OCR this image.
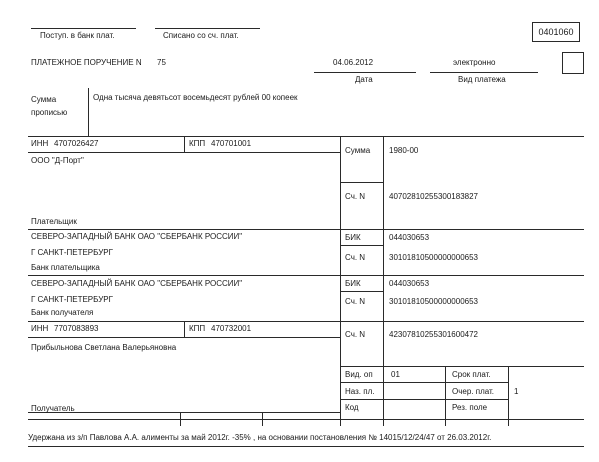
Поступ. в банк плат.	Списано со сч. плат.	0401060
ПЛАТЕЖНОЕ ПОРУЧЕНИЕ N 75	04.06.2012
Дата
электронно
Вид платежа
Сумма
прописью
Одна тысяча девятьсот восемьдесят рублей 00 копеек
ИНН 4707026427	КПП 470701001
ООО "Д-Порт"
Плательщик
Сумма 1980-00
Сч. N	40702810255300183827
СЕВЕРО-ЗАПАДНЫЙ БАНК ОАО "СБЕРБАНК РОССИИ"
Г САНКТ-ПЕТЕРБУРГ
Банк плательщика
БИК	044030653
Сч. N	30101810500000000653
СЕВЕРО-ЗАПАДНЫЙ БАНК ОАО "СБЕРБАНК РОССИИ"
Г САНКТ-ПЕТЕРБУРГ
Банк получателя
БИК	044030653
Сч. N	30101810500000000653
ИНН 7707083893	КПП 470732001
Прибыльнова Светлана Валерьяновна
Сч. N	42307810255301600472
Получатель
Вид. оп 01	Срок плат.
Наз. пл.	Очер. плат. 1
Код	Рез. поле
Удержана из з/п Павлова А.А. алименты за май 2012г. -35% , на основании постановления № 14015/12/24/47 от 26.03.2012г.
